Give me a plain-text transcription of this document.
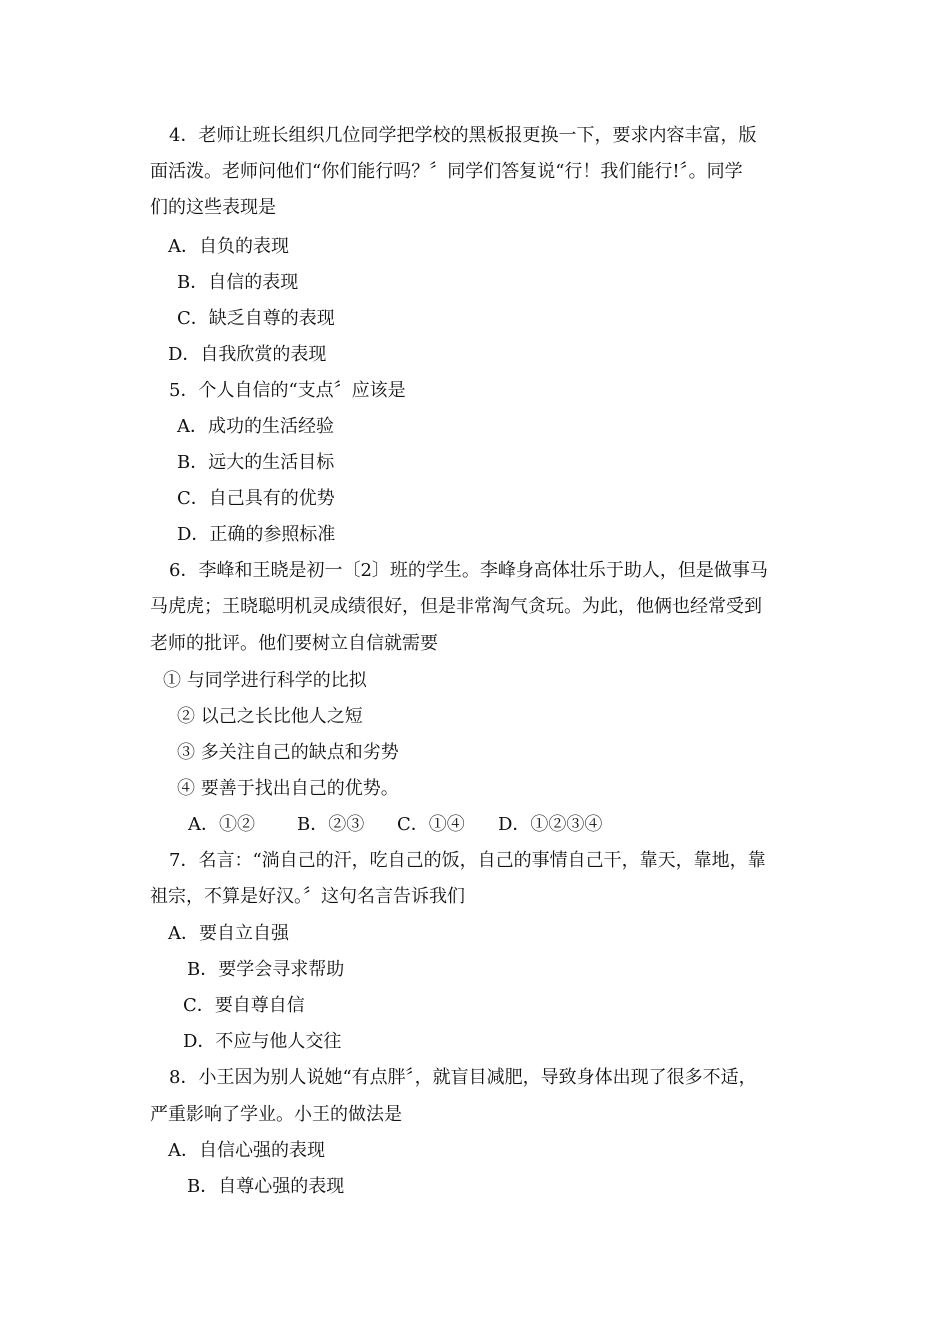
4．老师让班长组织几位同学把学校的黑板报更换一下，要求内容丰富，版
面活泼。老师问他们“你们能行吗？〞同学们答复说“行！我们能行!〞。同学
们的这些表现是
A．自负的表现
B．自信的表现
C．缺乏自尊的表现
D．自我欣赏的表现
5．个人自信的“支点〞应该是
A．成功的生活经验
B．远大的生活目标
C．自己具有的优势
D．正确的参照标准
6．李峰和王晓是初一〔2〕班的学生。李峰身高体壮乐于助人，但是做事马
马虎虎；王晓聪明机灵成绩很好，但是非常淘气贪玩。为此，他俩也经常受到
老师的批评。他们要树立自信就需要
① 与同学进行科学的比拟
② 以己之长比他人之短
③ 多关注自己的缺点和劣势
④ 要善于找出自己的优势。
A．①② B．②③ C．①④ D．①②③④
7．名言：“淌自己的汗，吃自己的饭，自己的事情自己干，靠天，靠地，靠
祖宗，不算是好汉。〞这句名言告诉我们
A．要自立自强
B．要学会寻求帮助
C．要自尊自信
D．不应与他人交往
8．小王因为别人说她“有点胖〞，就盲目减肥，导致身体出现了很多不适，
严重影响了学业。小王的做法是
A．自信心强的表现
B．自尊心强的表现
